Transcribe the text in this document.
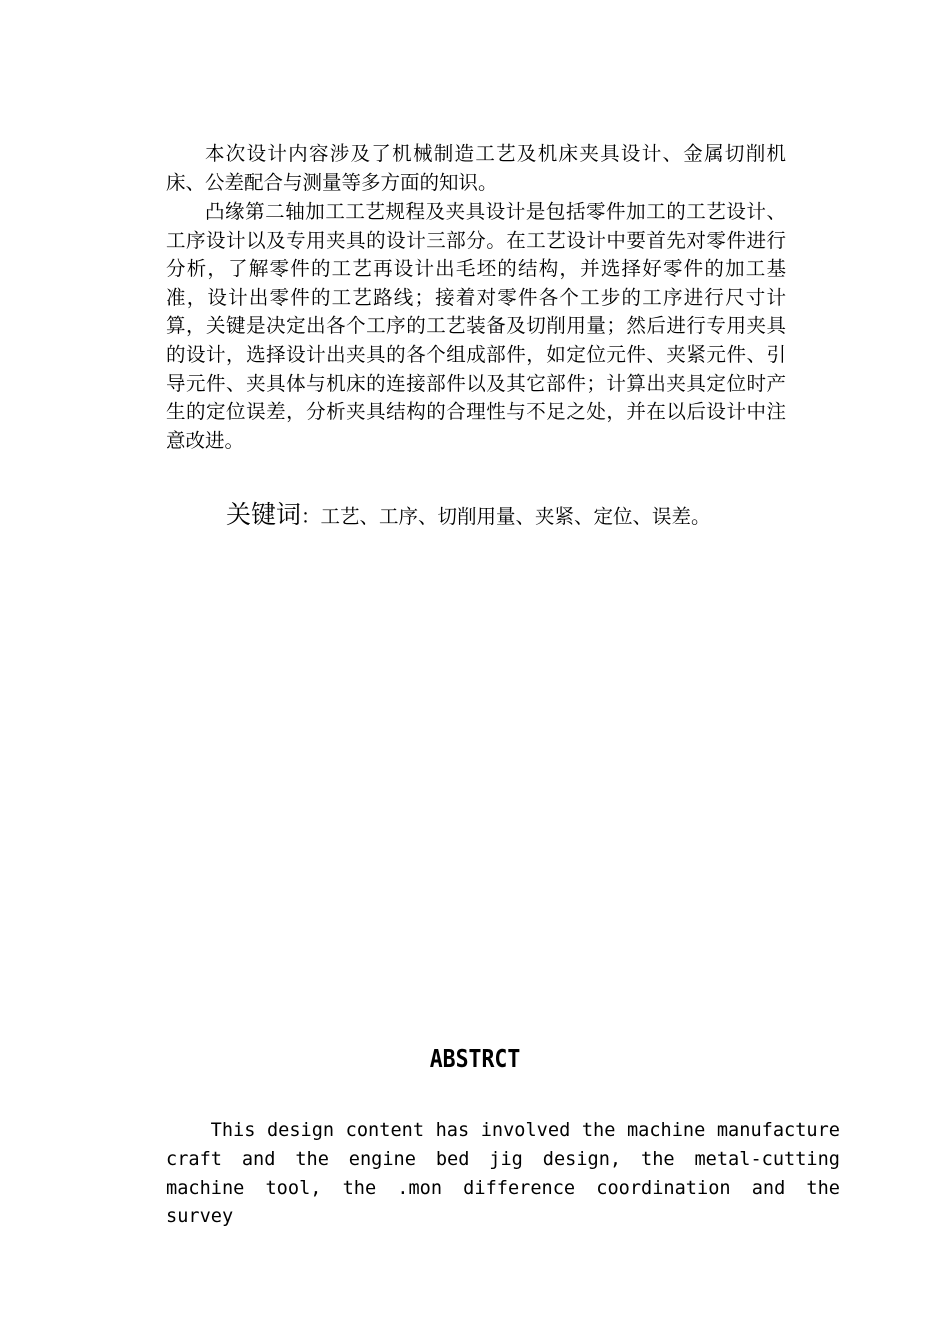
本次设计内容涉及了机械制造工艺及机床夹具设计、金属切削机床、公差配合与测量等多方面的知识。

凸缘第二轴加工工艺规程及夹具设计是包括零件加工的工艺设计、工序设计以及专用夹具的设计三部分。在工艺设计中要首先对零件进行分析，了解零件的工艺再设计出毛坯的结构，并选择好零件的加工基准，设计出零件的工艺路线；接着对零件各个工步的工序进行尺寸计算，关键是决定出各个工序的工艺装备及切削用量；然后进行专用夹具的设计，选择设计出夹具的各个组成部件，如定位元件、夹紧元件、引导元件、夹具体与机床的连接部件以及其它部件；计算出夹具定位时产生的定位误差，分析夹具结构的合理性与不足之处，并在以后设计中注意改进。

关键词：工艺、工序、切削用量、夹紧、定位、误差。
ABSTRCT

This design content has involved the machine manufacture craft and the engine bed jig design, the metal-cutting machine tool, the .mon difference coordination and the survey
